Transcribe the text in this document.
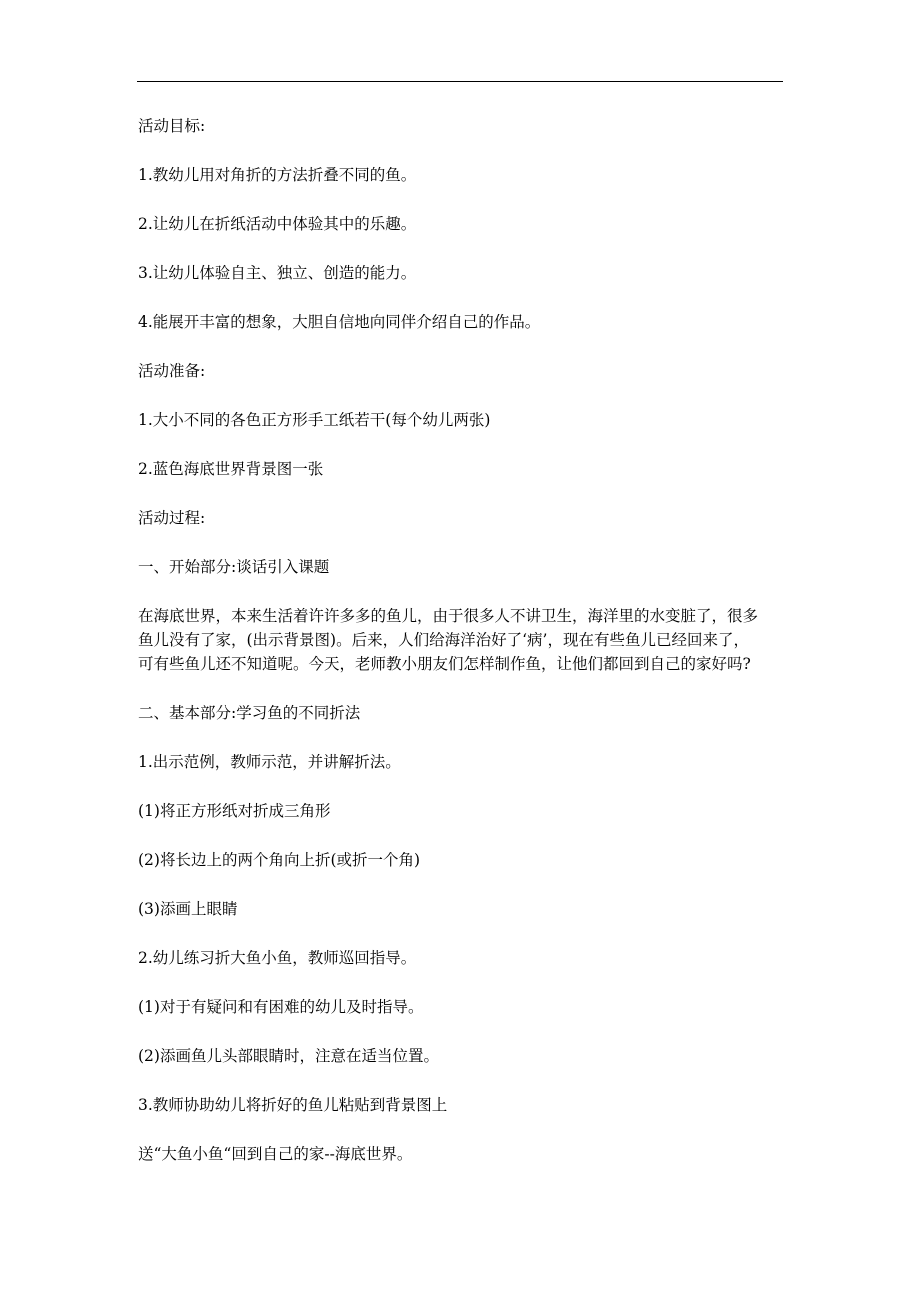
活动目标:

1.教幼儿用对角折的方法折叠不同的鱼。

2.让幼儿在折纸活动中体验其中的乐趣。

3.让幼儿体验自主、独立、创造的能力。

4.能展开丰富的想象，大胆自信地向同伴介绍自己的作品。

活动准备:

1.大小不同的各色正方形手工纸若干(每个幼儿两张)

2.蓝色海底世界背景图一张

活动过程:

一、开始部分:谈话引入课题

在海底世界，本来生活着许许多多的鱼儿，由于很多人不讲卫生，海洋里的水变脏了，很多

鱼儿没有了家，(出示背景图)。后来，人们给海洋治好了‘病’，现在有些鱼儿已经回来了，

可有些鱼儿还不知道呢。今天，老师教小朋友们怎样制作鱼，让他们都回到自己的家好吗?

二、基本部分:学习鱼的不同折法

1.出示范例，教师示范，并讲解折法。

(1)将正方形纸对折成三角形

(2)将长边上的两个角向上折(或折一个角)

(3)添画上眼睛

2.幼儿练习折大鱼小鱼，教师巡回指导。

(1)对于有疑问和有困难的幼儿及时指导。

(2)添画鱼儿头部眼睛时，注意在适当位置。

3.教师协助幼儿将折好的鱼儿粘贴到背景图上

送“大鱼小鱼“回到自己的家--海底世界。
